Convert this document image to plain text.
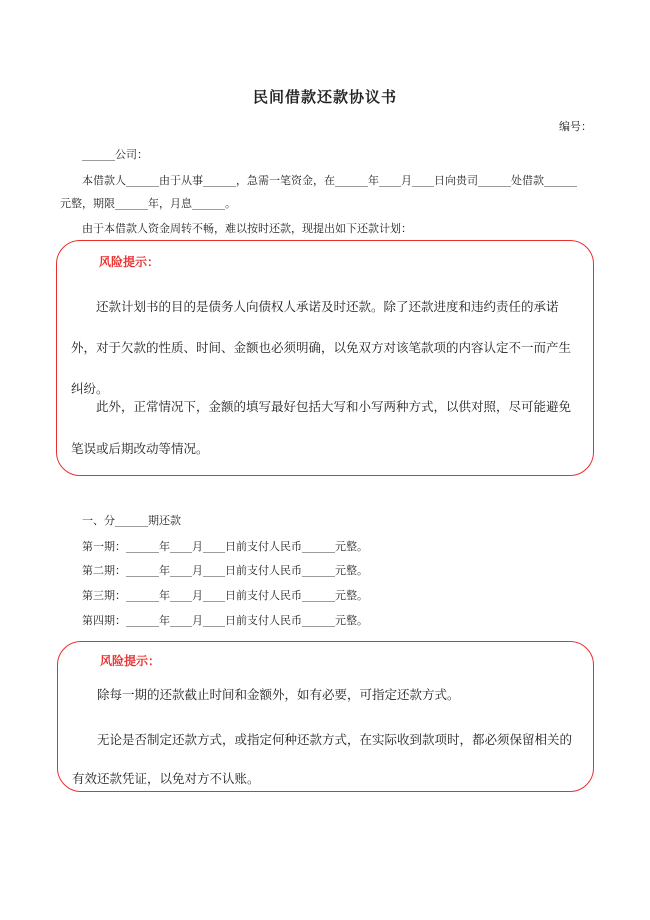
民间借款还款协议书
编号：
______公司：
本借款人______由于从事______，急需一笔资金，在______年____月____日向贵司______处借款______
元整，期限______年，月息______。
由于本借款人资金周转不畅，难以按时还款，现提出如下还款计划：
风险提示：
还款计划书的目的是债务人向债权人承诺及时还款。除了还款进度和违约责任的承诺外，对于欠款的性质、时间、金额也必须明确，以免双方对该笔款项的内容认定不一而产生纠纷。
此外，正常情况下，金额的填写最好包括大写和小写两种方式，以供对照，尽可能避免笔误或后期改动等情况。
一、分______期还款
第一期：______年____月____日前支付人民币______元整。
第二期：______年____月____日前支付人民币______元整。
第三期：______年____月____日前支付人民币______元整。
第四期：______年____月____日前支付人民币______元整。
风险提示：
除每一期的还款截止时间和金额外，如有必要，可指定还款方式。
无论是否制定还款方式，或指定何种还款方式，在实际收到款项时，都必须保留相关的有效还款凭证，以免对方不认账。
